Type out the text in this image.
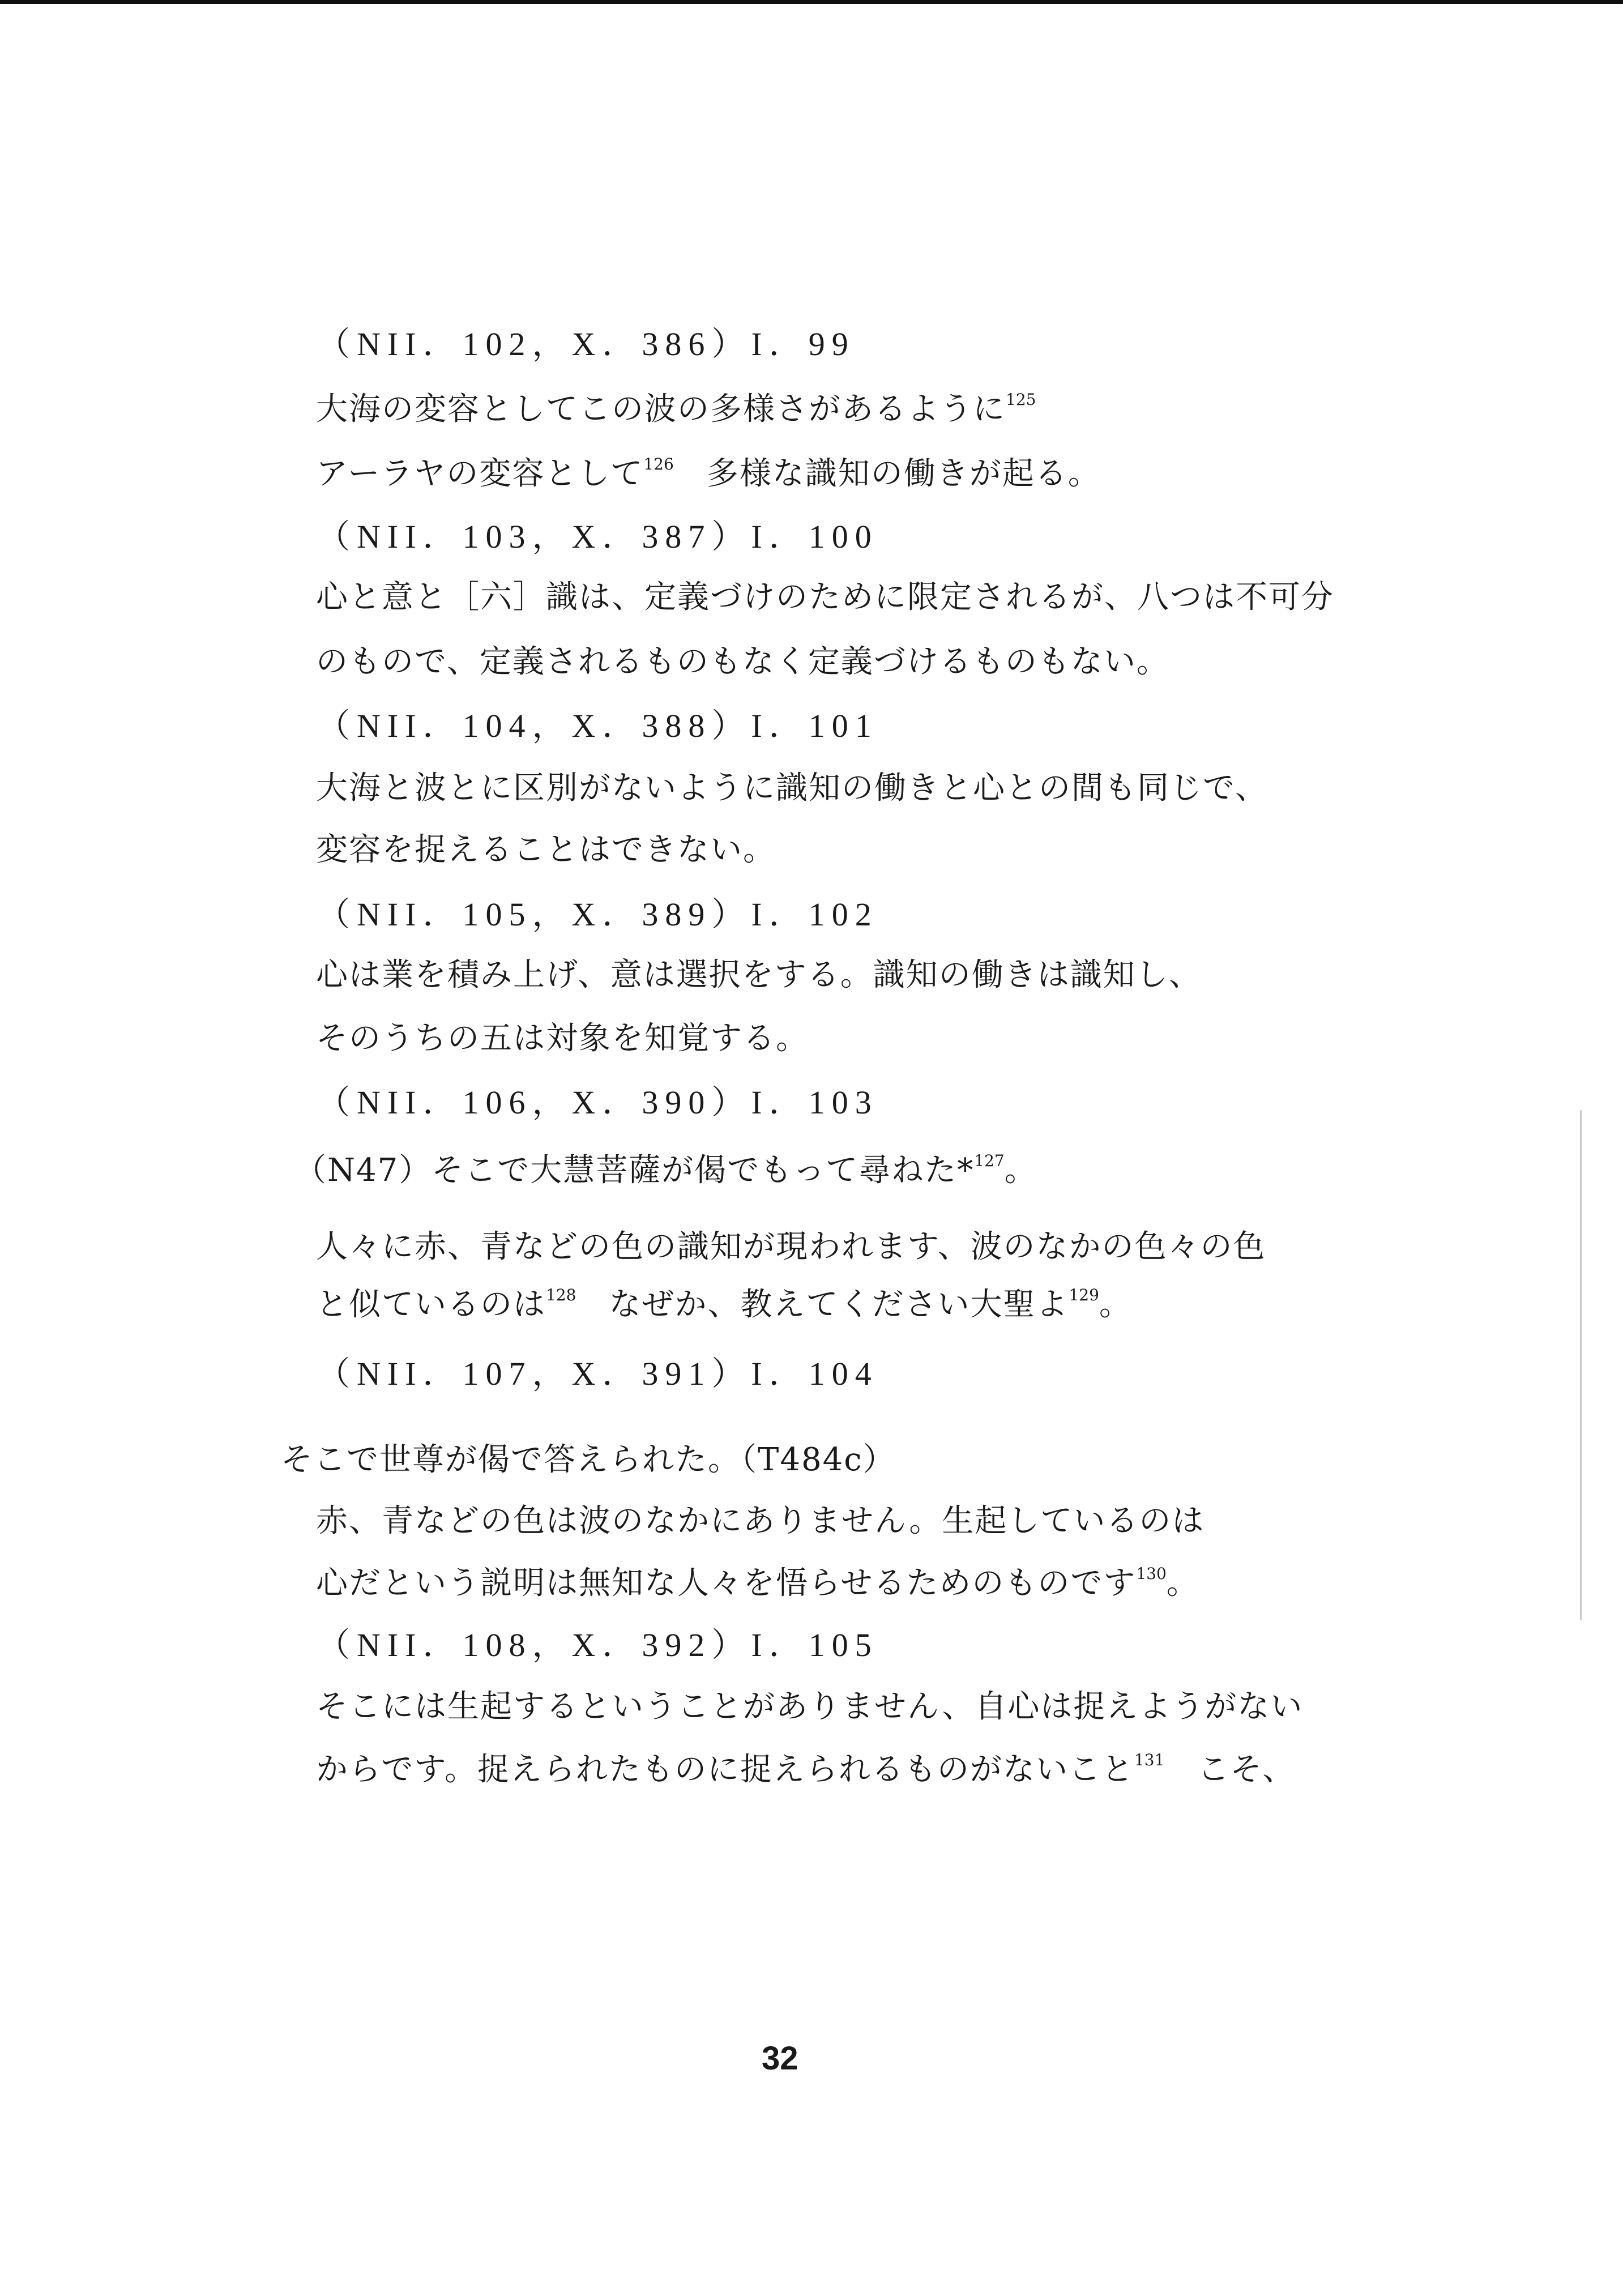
（NII．102，X．386）I．99
大海の変容としてこの波の多様さがあるように$^{125}$
アーラヤの変容として$^{126}$　多様な識知の働きが起る。
（NII．103，X．387）I．100
心と意と［六］識は、定義づけのために限定されるが、八つは不可分
のもので、定義されるものもなく定義づけるものもない。
（NII．104，X．388）I．101
大海と波とに区別がないように識知の働きと心との間も同じで、
変容を捉えることはできない。
（NII．105，X．389）I．102
心は業を積み上げ、意は選択をする。識知の働きは識知し、
そのうちの五は対象を知覚する。
（NII．106，X．390）I．103
（N47）そこで大慧菩薩が偈でもって尋ねた*$^{127}$。
人々に赤、青などの色の識知が現われます、波のなかの色々の色
と似ているのは$^{128}$　なぜか、教えてください大聖よ$^{129}$。
（NII．107，X．391）I．104
そこで世尊が偈で答えられた。（T484c）
赤、青などの色は波のなかにありません。生起しているのは
心だという説明は無知な人々を悟らせるためのものです$^{130}$。
（NII．108，X．392）I．105
そこには生起するということがありません、自心は捉えようがない
からです。捉えられたものに捉えられるものがないこと$^{131}$　こそ、
32
